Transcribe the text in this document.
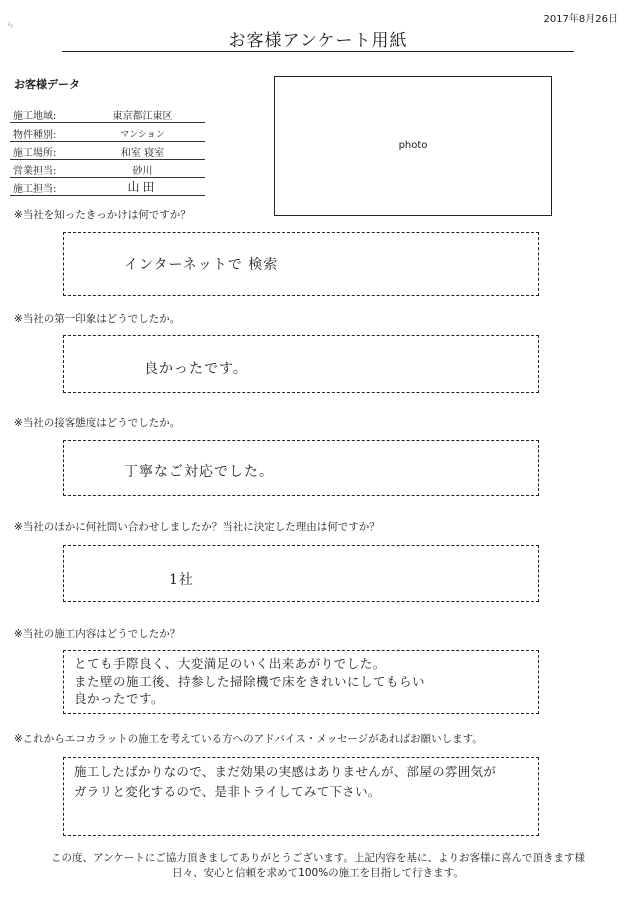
ㄣ
2017年8月26日
お客様アンケート用紙
お客様データ
施工地域:	東京都江東区
物件種別:	マンション
施工場所:	和室 寝室
営業担当:	砂川
施工担当:	山田
photo
※当社を知ったきっかけは何ですか？
インターネットで 検索
※当社の第一印象はどうでしたか。
良かったです。
※当社の接客態度はどうでしたか。
丁寧なご対応でした。
※当社のほかに何社問い合わせしましたか？当社に決定した理由は何ですか？
1社
※当社の施工内容はどうでしたか？
とても手際良く、大変満足のいく出来あがりでした。
また壁の施工後、持参した掃除機で床をきれいにしてもらい
良かったです。
※これからエコカラットの施工を考えている方へのアドバイス・メッセージがあればお願いします。
施工したばかりなので、まだ効果の実感はありませんが、部屋の雰囲気が
ガラリと変化するので、是非トライしてみて下さい。
この度、アンケートにご協力頂きましてありがとうございます。上記内容を基に、よりお客様に喜んで頂きます様
日々、安心と信頼を求めて100%の施工を目指して行きます。
